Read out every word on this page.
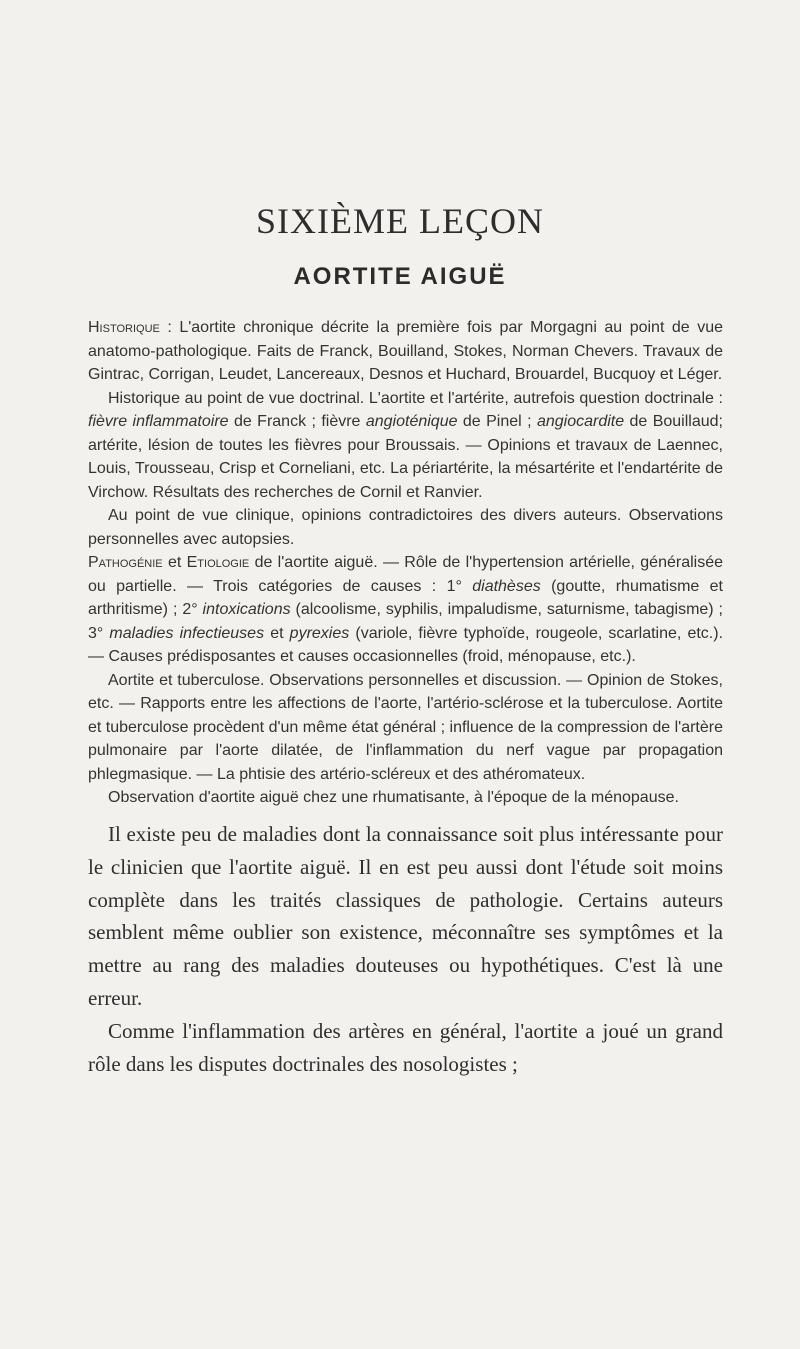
SIXIÈME LEÇON
AORTITE AIGUË

Historique : L'aortite chronique décrite la première fois par Morgagni au point de vue anatomo-pathologique. Faits de Franck, Bouilland, Stokes, Norman Chevers. Travaux de Gintrac, Corrigan, Leudet, Lancereaux, Desnos et Huchard, Brouardel, Bucquoy et Léger.

Historique au point de vue doctrinal. L'aortite et l'artérite, autrefois question doctrinale : fièvre inflammatoire de Franck ; fièvre angioténique de Pinel ; angiocardite de Bouillaud; artérite, lésion de toutes les fièvres pour Broussais. — Opinions et travaux de Laennec, Louis, Trousseau, Crisp et Corneliani, etc. La périartérite, la mésartérite et l'endartérite de Virchow. Résultats des recherches de Cornil et Ranvier.

Au point de vue clinique, opinions contradictoires des divers auteurs. Observations personnelles avec autopsies.

Pathogénie et Etiologie de l'aortite aiguë. — Rôle de l'hypertension artérielle, généralisée ou partielle. — Trois catégories de causes : 1° diathèses (goutte, rhumatisme et arthritisme) ; 2° intoxications (alcoolisme, syphilis, impaludisme, saturnisme, tabagisme) ; 3° maladies infectieuses et pyrexies (variole, fièvre typhoïde, rougeole, scarlatine, etc.). — Causes prédisposantes et causes occasionnelles (froid, ménopause, etc.).

Aortite et tuberculose. Observations personnelles et discussion. — Opinion de Stokes, etc. — Rapports entre les affections de l'aorte, l'artério-sclérose et la tuberculose. Aortite et tuberculose procèdent d'un même état général ; influence de la compression de l'artère pulmonaire par l'aorte dilatée, de l'inflammation du nerf vague par propagation phlegmasique. — La phtisie des artério-scléreux et des athéromateux.

Observation d'aortite aiguë chez une rhumatisante, à l'époque de la ménopause.

Il existe peu de maladies dont la connaissance soit plus intéressante pour le clinicien que l'aortite aiguë. Il en est peu aussi dont l'étude soit moins complète dans les traités classiques de pathologie. Certains auteurs semblent même oublier son existence, méconnaître ses symptômes et la mettre au rang des maladies douteuses ou hypothétiques. C'est là une erreur.

Comme l'inflammation des artères en général, l'aortite a joué un grand rôle dans les disputes doctrinales des nosologistes ;
